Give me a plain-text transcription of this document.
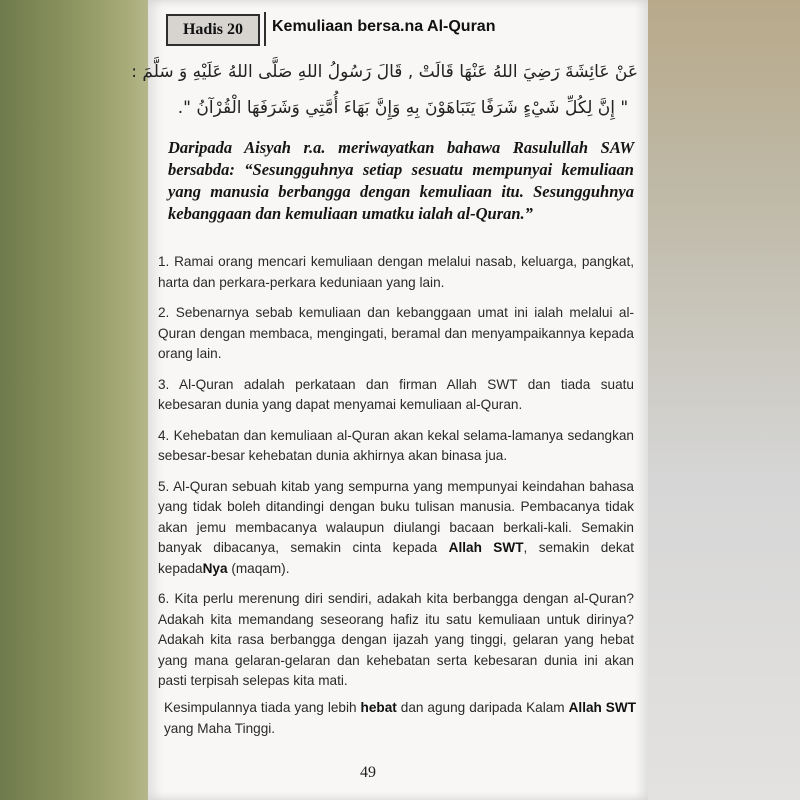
Hadis 20	Kemuliaan bersa.na Al-Quran
عَنْ عَائِشَةَ رَضِيَ اللهُ عَنْهَا قَالَتْ , قَالَ رَسُولُ اللهِ صَلَّى اللهُ عَلَيْهِ وَ سَلَّمَ :
" إِنَّ لِكُلِّ شَيْءٍ شَرَفًا يَتَبَاهَوْنَ بِهِ وَإِنَّ بَهَاءَ أُمَّتِي وَشَرَفَهَا الْقُرْآنُ ".
Daripada Aisyah r.a. meriwayatkan bahawa Rasulullah SAW bersabda: “Sesungguhnya setiap sesuatu mempunyai kemuliaan yang manusia berbangga dengan kemuliaan itu. Sesungguhnya kebanggaan dan kemuliaan umatku ialah al-Quran.”
1. Ramai orang mencari kemuliaan dengan melalui nasab, keluarga, pangkat, harta dan perkara-perkara keduniaan yang lain.
2. Sebenarnya sebab kemuliaan dan kebanggaan umat ini ialah melalui al-Quran dengan membaca, mengingati, beramal dan menyampaikannya kepada orang lain.
3. Al-Quran adalah perkataan dan firman Allah SWT dan tiada suatu kebesaran dunia yang dapat menyamai kemuliaan al-Quran.
4. Kehebatan dan kemuliaan al-Quran akan kekal selama-lamanya sedangkan sebesar-besar kehebatan dunia akhirnya akan binasa jua.
5. Al-Quran sebuah kitab yang sempurna yang mempunyai keindahan bahasa yang tidak boleh ditandingi dengan buku tulisan manusia. Pembacanya tidak akan jemu membacanya walaupun diulangi bacaan berkali-kali. Semakin banyak dibacanya, semakin cinta kepada Allah SWT, semakin dekat kepadaNya (maqam).
6. Kita perlu merenung diri sendiri, adakah kita berbangga dengan al-Quran? Adakah kita memandang seseorang hafiz itu satu kemuliaan untuk dirinya? Adakah kita rasa berbangga dengan ijazah yang tinggi, gelaran yang hebat yang mana gelaran-gelaran dan kehebatan serta kebesaran dunia ini akan pasti terpisah selepas kita mati.
Kesimpulannya tiada yang lebih hebat dan agung daripada Kalam Allah SWT yang Maha Tinggi.
49
